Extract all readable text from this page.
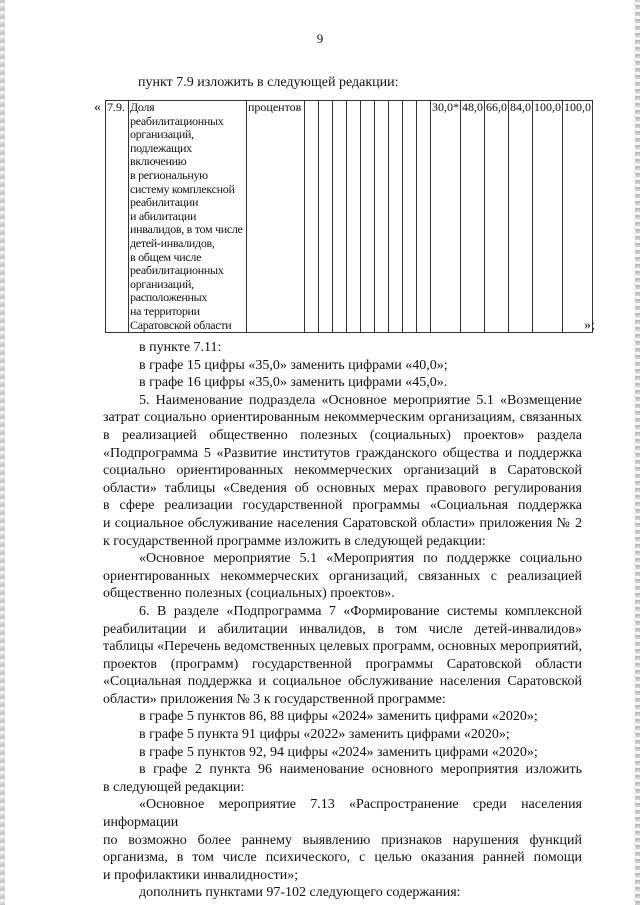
9
пункт 7.9 изложить в следующей редакции:
« 7.9.	Доля
реабилитационных
организаций,
подлежащих
включению
в региональную
систему комплексной
реабилитации
и абилитации
инвалидов, в том числе
детей-инвалидов,
в общем числе
реабилитационных
организаций,
расположенных
на территории
Саратовской области
	процентов										30,0*	48,0	66,0	84,0	100,0	100,0
»;

в пункте 7.11:

в графе 15 цифры «35,0» заменить цифрами «40,0»;

в графе 16 цифры «35,0» заменить цифрами «45,0».

5. Наименование подраздела «Основное мероприятие 5.1 «Возмещение
затрат социально ориентированным некоммерческим организациям, связанных
в реализацией общественно полезных (социальных) проектов» раздела
«Подпрограмма 5 «Развитие институтов гражданского общества и поддержка
социально ориентированных некоммерческих организаций в Саратовской
области» таблицы «Сведения об основных мерах правового регулирования
в сфере реализации государственной программы «Социальная поддержка
и социальное обслуживание населения Саратовской области» приложения № 2
к государственной программе изложить в следующей редакции:

«Основное мероприятие 5.1 «Мероприятия по поддержке социально
ориентированных некоммерческих организаций, связанных с реализацией
общественно полезных (социальных) проектов».

6. В разделе «Подпрограмма 7 «Формирование системы комплексной
реабилитации и абилитации инвалидов, в том числе детей-инвалидов»
таблицы «Перечень ведомственных целевых программ, основных мероприятий,
проектов (программ) государственной программы Саратовской области
«Социальная поддержка и социальное обслуживание населения Саратовской
области» приложения № 3 к государственной программе:

в графе 5 пунктов 86, 88 цифры «2024» заменить цифрами «2020»;

в графе 5 пункта 91 цифры «2022» заменить цифрами «2020»;

в графе 5 пунктов 92, 94 цифры «2024» заменить цифрами «2020»;

в графе 2 пункта 96 наименование основного мероприятия изложить
в следующей редакции:

«Основное мероприятие 7.13 «Распространение среди населения информации
по возможно более раннему выявлению признаков нарушения функций
организма, в том числе психического, с целью оказания ранней помощи
и профилактики инвалидности»;

дополнить пунктами 97-102 следующего содержания:
